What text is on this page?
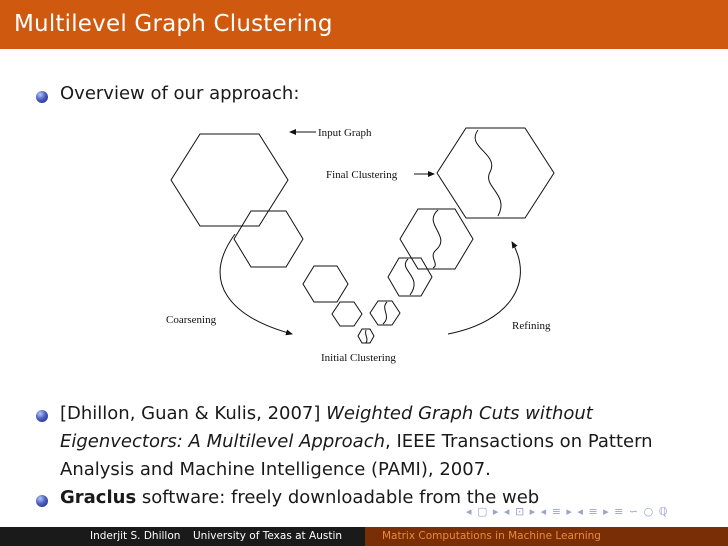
Multilevel Graph Clustering
Overview of our approach:
Input Graph
Final Clustering
Coarsening	Refining
Initial Clustering
[Dhillon, Guan & Kulis, 2007] Weighted Graph Cuts without
Eigenvectors: A Multilevel Approach, IEEE Transactions on Pattern
Analysis and Machine Intelligence (PAMI), 2007.
Graclus software: freely downloadable from the web
◂ ▢ ▸ ◂ ⊡ ▸ ◂ ≡ ▸ ◂ ≡ ▸ ≡ ∽ ○ ℚ
Inderjit S. Dhillon University of Texas at Austin	Matrix Computations in Machine Learning
